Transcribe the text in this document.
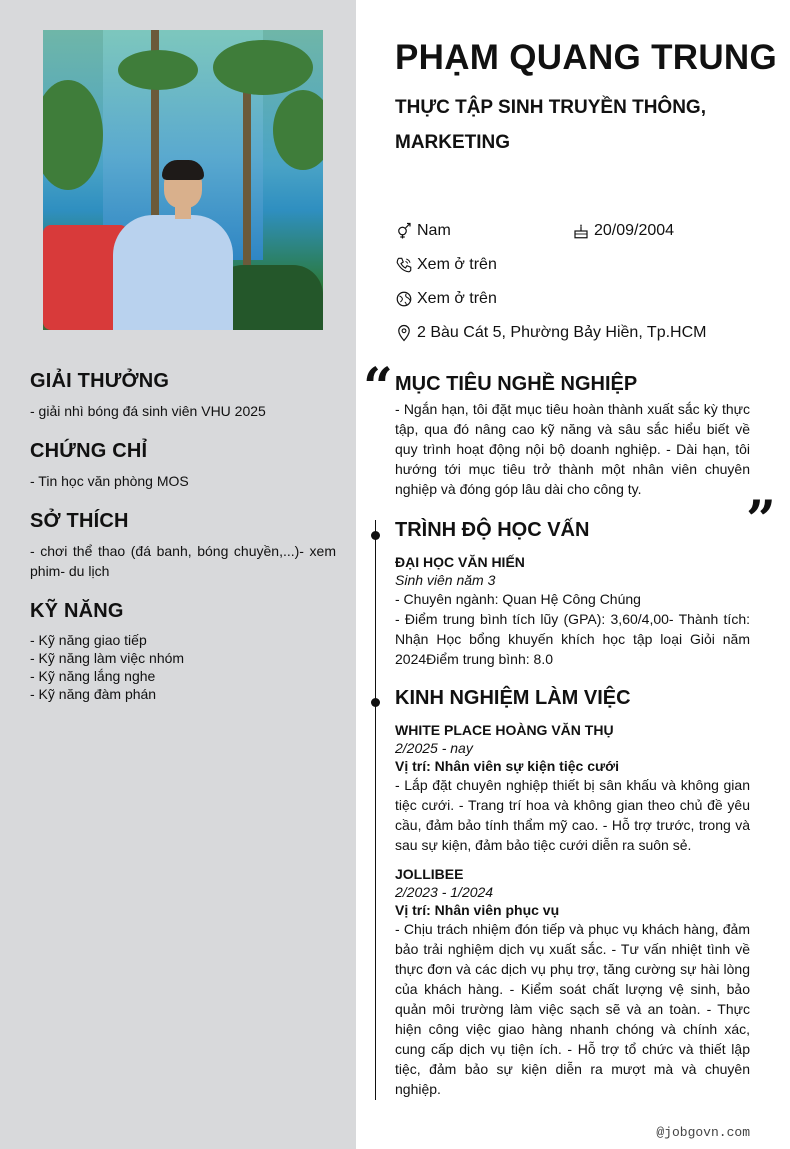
GIẢI THƯỞNG

- giải nhì bóng đá sinh viên VHU 2025

CHỨNG CHỈ

- Tin học văn phòng MOS

SỞ THÍCH

- chơi thể thao (đá banh, bóng chuyền,...)- xem phim- du lịch

KỸ NĂNG
- Kỹ năng giao tiếp
- Kỹ năng làm việc nhóm
- Kỹ năng lắng nghe
- Kỹ năng đàm phán
PHẠM QUANG TRUNG

THỰC TẬP SINH TRUYỀN THÔNG, MARKETING

Nam	20/09/2004
Xem ở trên
Xem ở trên
2 Bàu Cát 5, Phường Bảy Hiền, Tp.HCM
“ MỤC TIÊU NGHỀ NGHIỆP

- Ngắn hạn, tôi đặt mục tiêu hoàn thành xuất sắc kỳ thực tập, qua đó nâng cao kỹ năng và sâu sắc hiểu biết về quy trình hoạt động nội bộ doanh nghiệp. - Dài hạn, tôi hướng tới mục tiêu trở thành một nhân viên chuyên nghiệp và đóng góp lâu dài cho công ty.

”
TRÌNH ĐỘ HỌC VẤN

ĐẠI HỌC VĂN HIẾN

Sinh viên năm 3

- Chuyên ngành: Quan Hệ Công Chúng

- Điểm trung bình tích lũy (GPA): 3,60/4,00- Thành tích: Nhận Học bổng khuyến khích học tập loại Giỏi năm 2024Điểm trung bình: 8.0

KINH NGHIỆM LÀM VIỆC

WHITE PLACE HOÀNG VĂN THỤ

2/2025 - nay

Vị trí: Nhân viên sự kiện tiệc cưới

- Lắp đặt chuyên nghiệp thiết bị sân khấu và không gian tiệc cưới. - Trang trí hoa và không gian theo chủ đề yêu cầu, đảm bảo tính thẩm mỹ cao. - Hỗ trợ trước, trong và sau sự kiện, đảm bảo tiệc cưới diễn ra suôn sẻ.

JOLLIBEE

2/2023 - 1/2024

Vị trí: Nhân viên phục vụ

- Chịu trách nhiệm đón tiếp và phục vụ khách hàng, đảm bảo trải nghiệm dịch vụ xuất sắc. - Tư vấn nhiệt tình về thực đơn và các dịch vụ phụ trợ, tăng cường sự hài lòng của khách hàng. - Kiểm soát chất lượng vệ sinh, bảo quản môi trường làm việc sạch sẽ và an toàn. - Thực hiện công việc giao hàng nhanh chóng và chính xác, cung cấp dịch vụ tiện ích. - Hỗ trợ tổ chức và thiết lập tiệc, đảm bảo sự kiện diễn ra mượt mà và chuyên nghiệp.

@jobgovn.com
